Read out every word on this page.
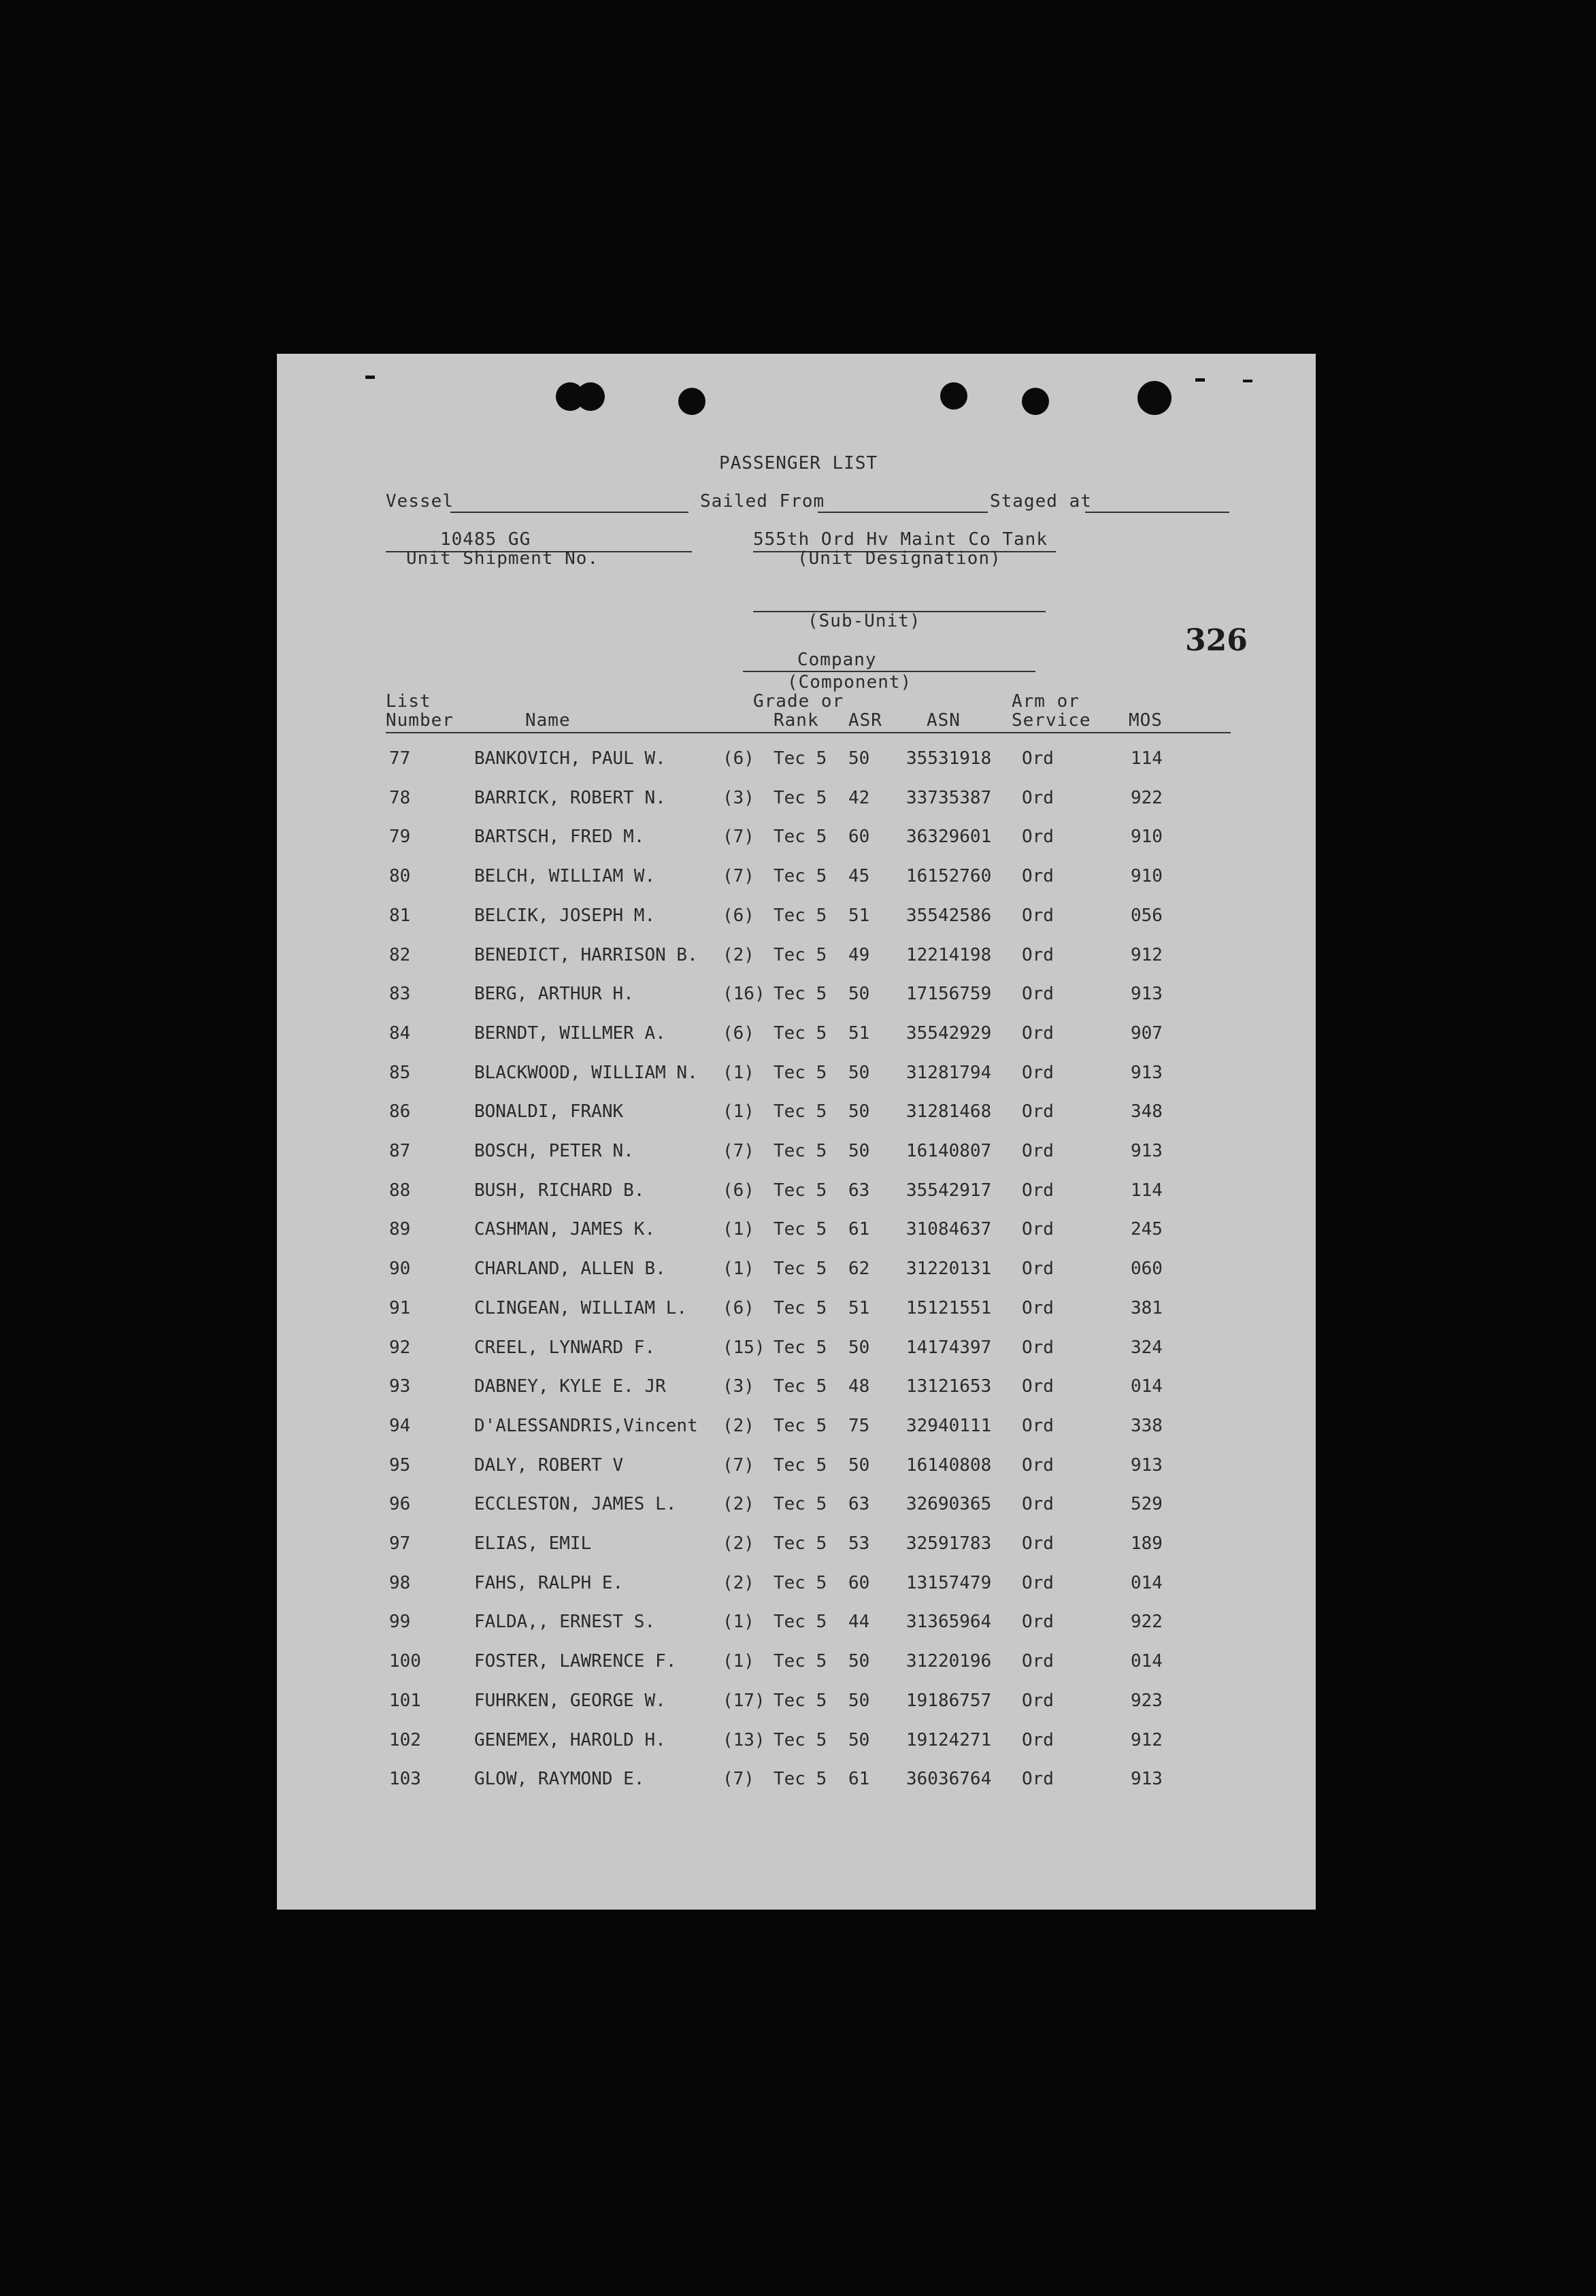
PASSENGER LIST
Vessel	Sailed From	Staged at
10485 GG
Unit Shipment No.
555th Ord Hv Maint Co Tank
(Unit Designation)
(Sub-Unit)
326
Company
(Component)
List
Number	Name
Grade or
Rank ASR	ASN
Arm or
Service MOS
77	BANKOVICH, PAUL W.	(6) Tec 5 50 35531918 Ord	114
78	BARRICK, ROBERT N.	(3) Tec 5 42 33735387 Ord	922
79	BARTSCH, FRED M.	(7) Tec 5 60 36329601 Ord	910
80	BELCH, WILLIAM W.	(7) Tec 5 45 16152760 Ord	910
81	BELCIK, JOSEPH M.	(6) Tec 5 51 35542586 Ord	056
82	BENEDICT, HARRISON B. (2) Tec 5 49 12214198 Ord	912
83	BERG, ARTHUR H.	(16) Tec 5 50 17156759 Ord	913
84	BERNDT, WILLMER A.	(6) Tec 5 51 35542929 Ord	907
85	BLACKWOOD, WILLIAM N. (1) Tec 5 50 31281794 Ord	913
86	BONALDI, FRANK	(1) Tec 5 50 31281468 Ord	348
87	BOSCH, PETER N.	(7) Tec 5 50 16140807 Ord	913
88	BUSH, RICHARD B.	(6) Tec 5 63 35542917 Ord	114
89	CASHMAN, JAMES K.	(1) Tec 5 61 31084637 Ord	245
90	CHARLAND, ALLEN B.	(1) Tec 5 62 31220131 Ord	060
91	CLINGEAN, WILLIAM L. (6) Tec 5 51 15121551 Ord	381
92	CREEL, LYNWARD F.	(15) Tec 5 50 14174397 Ord	324
93	DABNEY, KYLE E. JR	(3) Tec 5 48 13121653 Ord	014
94	D'ALESSANDRIS,Vincent (2) Tec 5 75 32940111 Ord	338
95	DALY, ROBERT V	(7) Tec 5 50 16140808 Ord	913
96	ECCLESTON, JAMES L.	(2) Tec 5 63 32690365 Ord	529
97	ELIAS, EMIL	(2) Tec 5 53 32591783 Ord	189
98	FAHS, RALPH E.	(2) Tec 5 60 13157479 Ord	014
99	FALDA,, ERNEST S.	(1) Tec 5 44 31365964 Ord	922
100	FOSTER, LAWRENCE F.	(1) Tec 5 50 31220196 Ord	014
101	FUHRKEN, GEORGE W.	(17) Tec 5 50 19186757 Ord	923
102	GENEMEX, HAROLD H.	(13) Tec 5 50 19124271 Ord	912
103	GLOW, RAYMOND E.	(7) Tec 5 61 36036764 Ord	913
